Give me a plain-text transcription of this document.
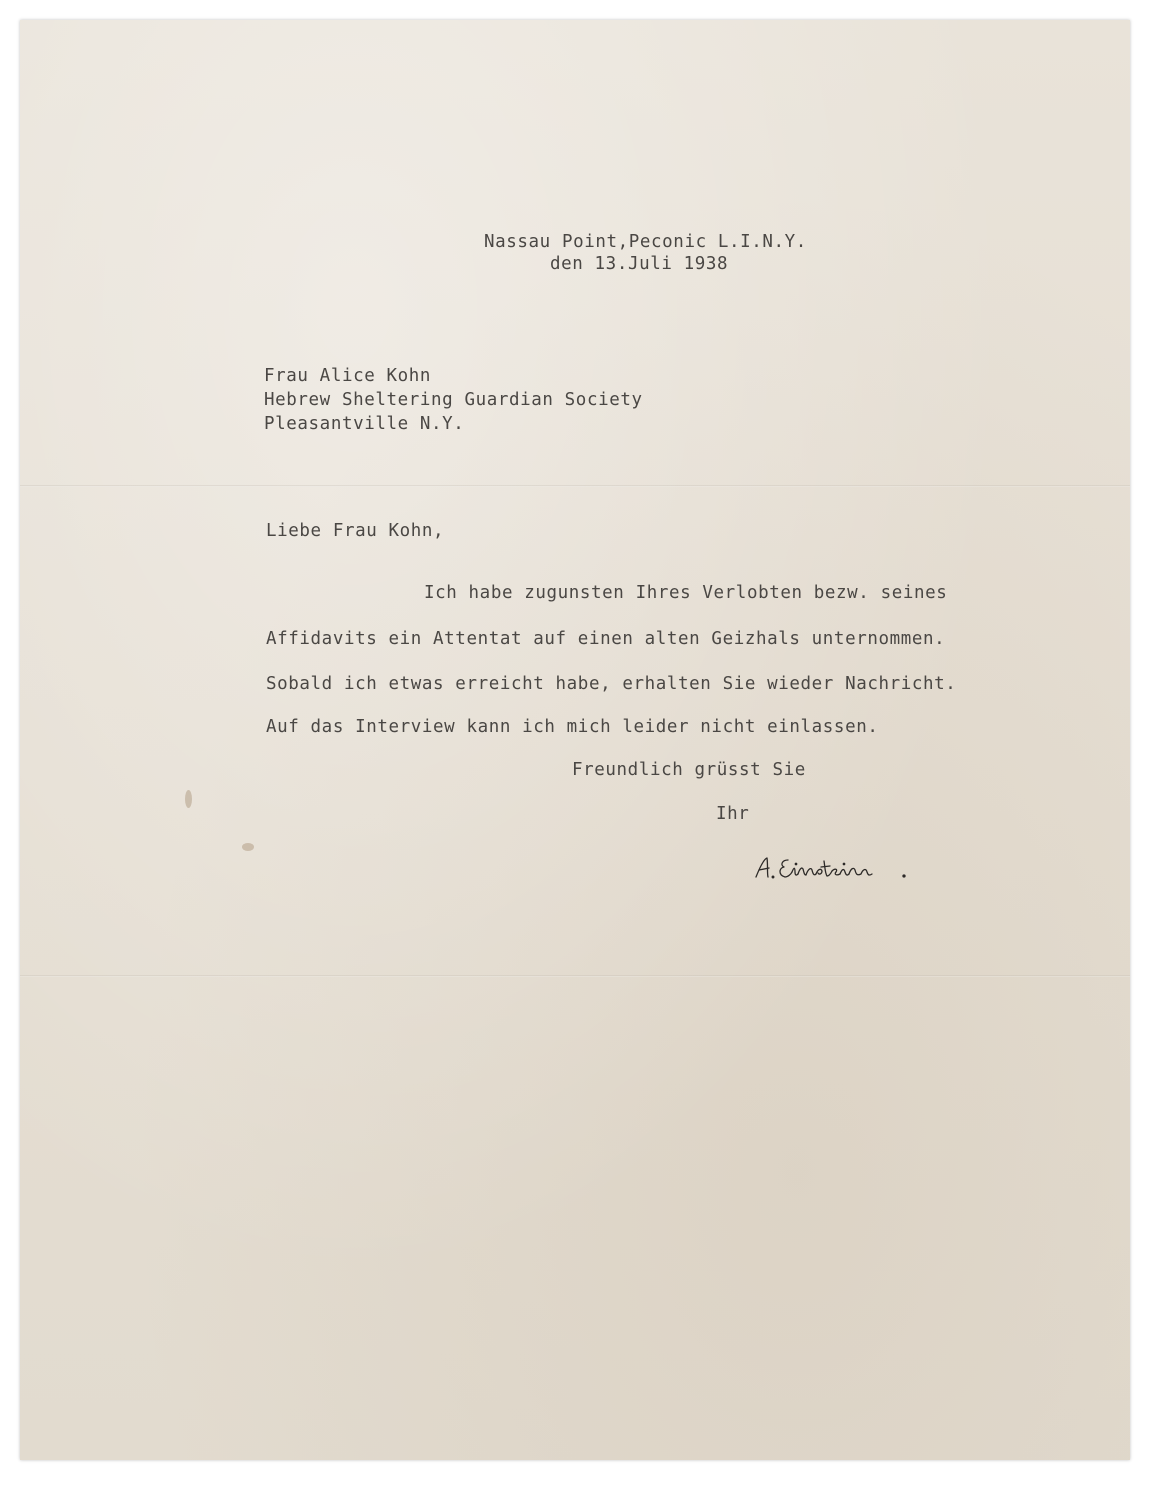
Nassau Point,Peconic L.I.N.Y.

den 13.Juli 1938

Frau Alice Kohn

Hebrew Sheltering Guardian Society

Pleasantville N.Y.

Liebe Frau Kohn,

Ich habe zugunsten Ihres Verlobten bezw. seines

Affidavits ein Attentat auf einen alten Geizhals unternommen.

Sobald ich etwas erreicht habe, erhalten Sie wieder Nachricht.

Auf das Interview kann ich mich leider nicht einlassen.

Freundlich grüsst Sie

Ihr
